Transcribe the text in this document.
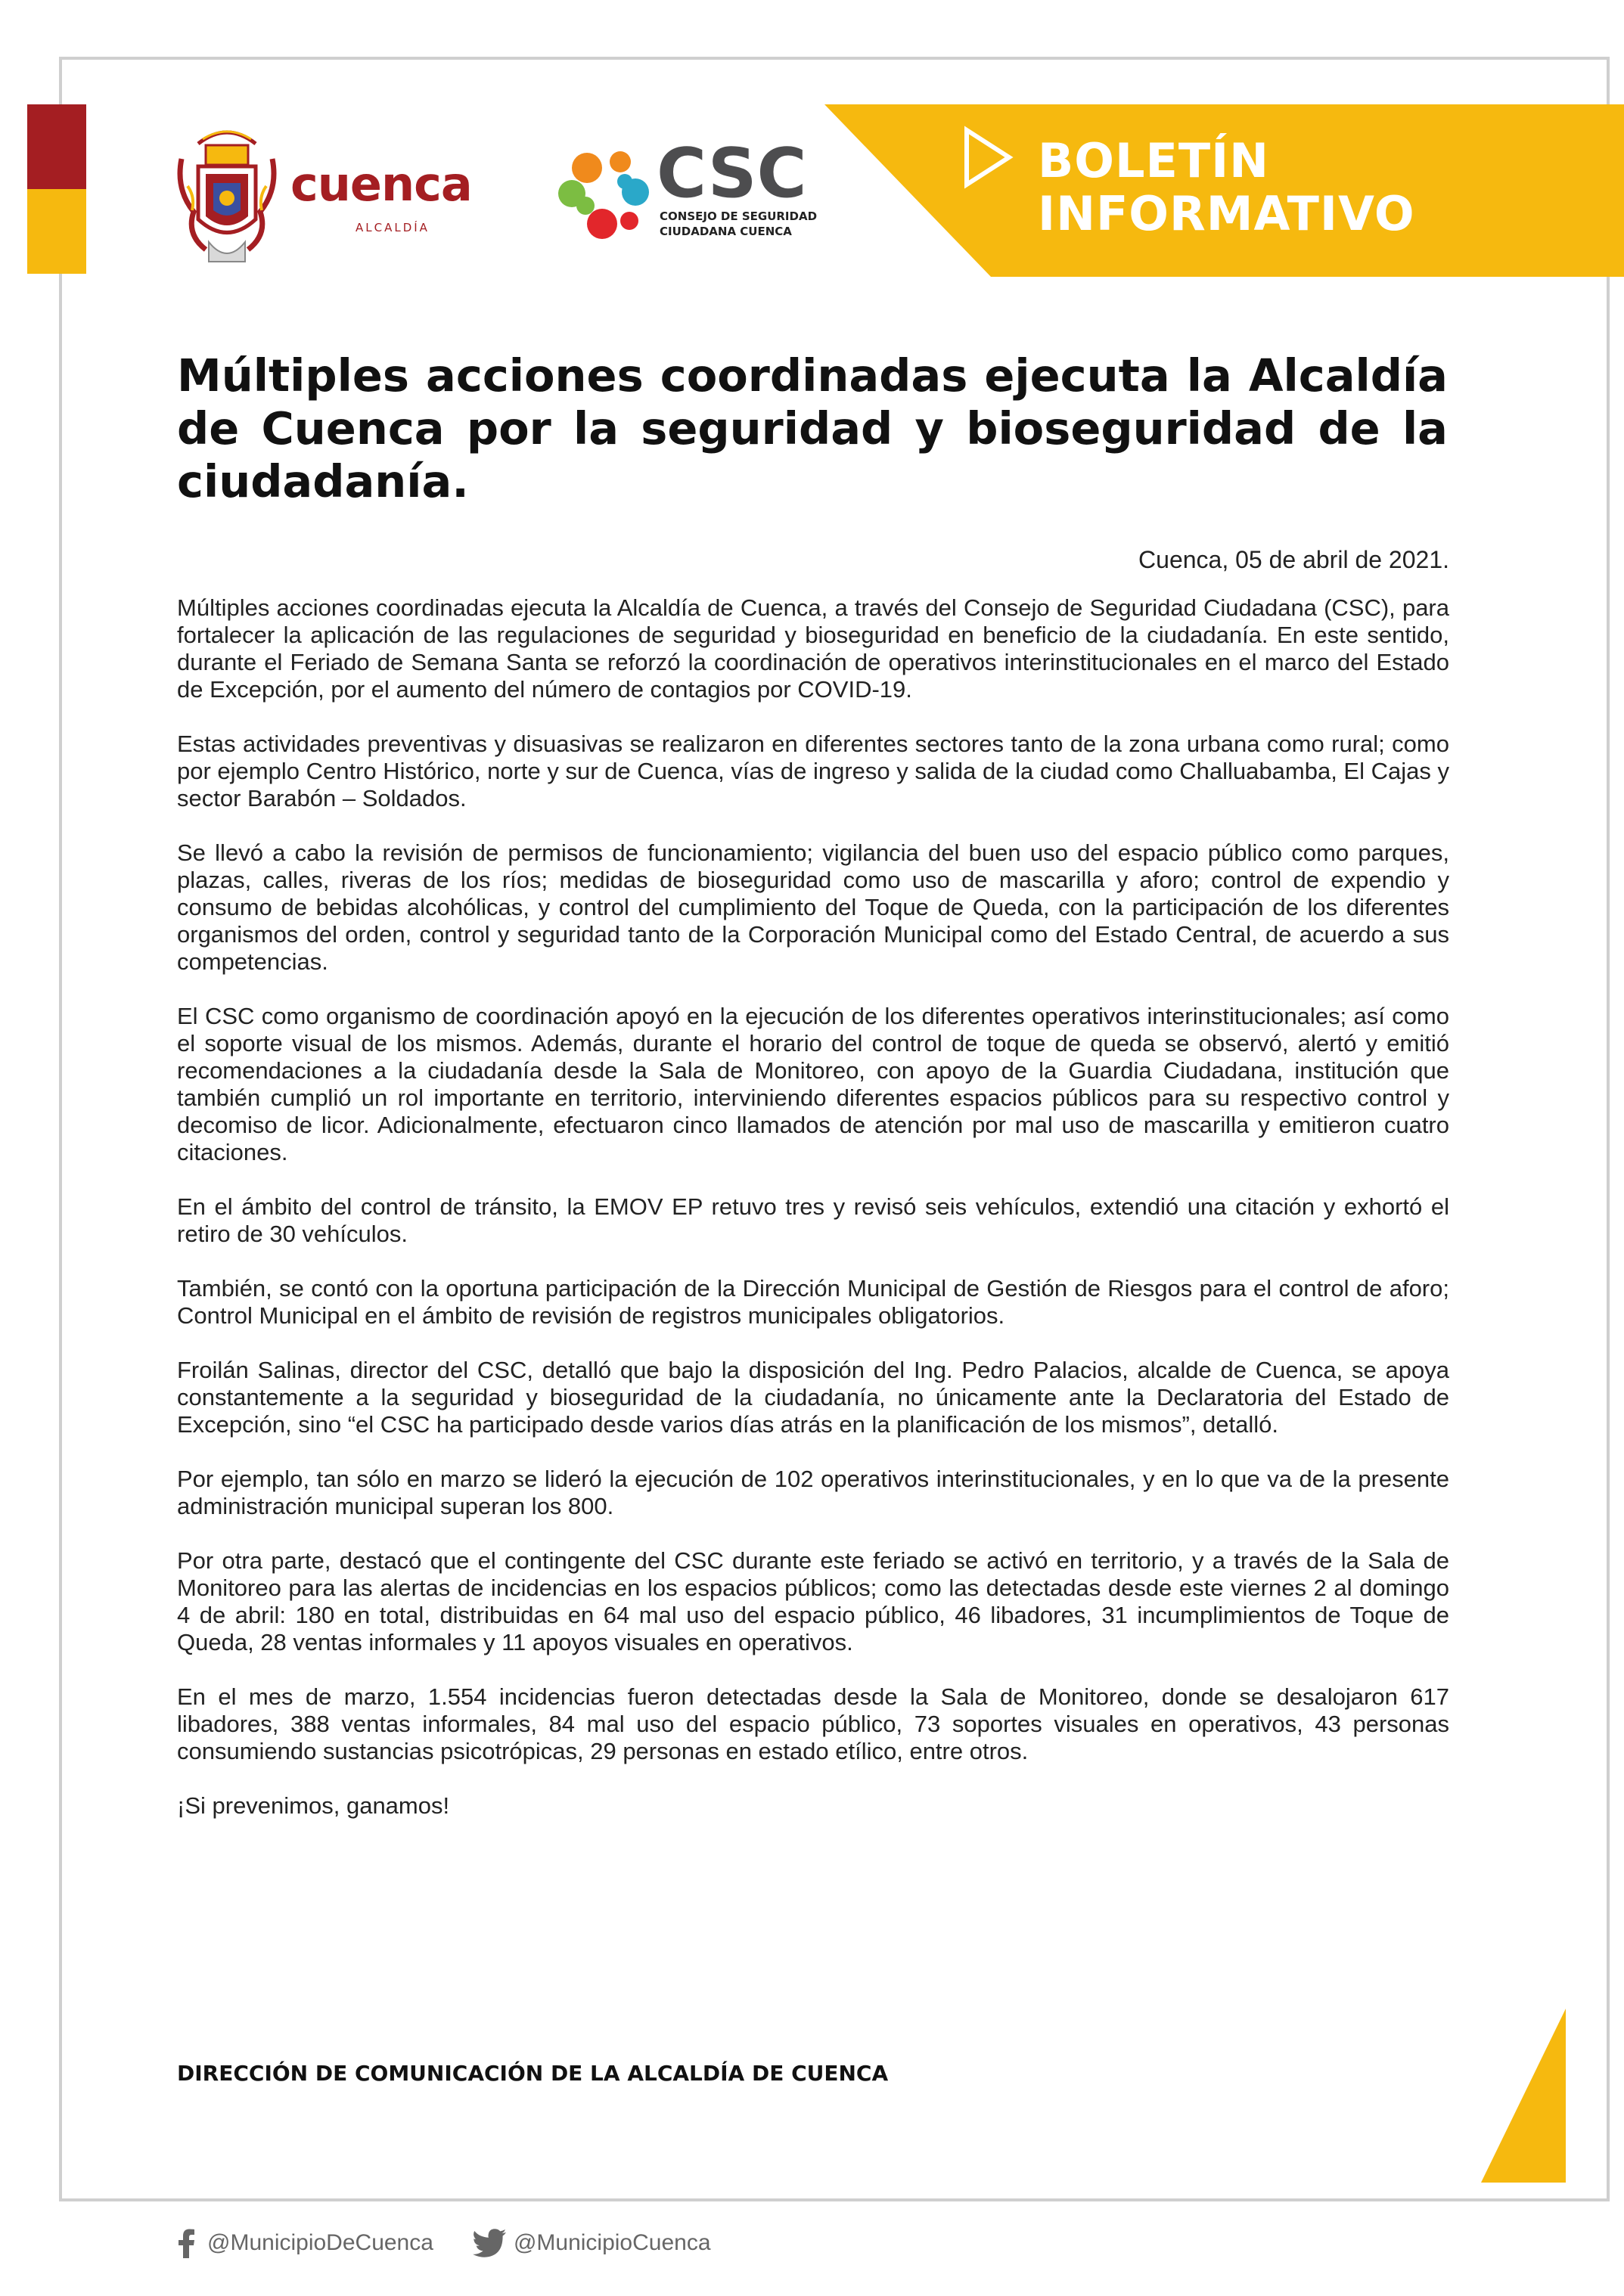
BOLETÍN
INFORMATIVO
cuenca
ALCALDÍA
CSC
CONSEJO DE SEGURIDAD
CIUDADANA CUENCA
Múltiples acciones coordinadas ejecuta la Alcaldía de Cuenca por la seguridad y bioseguridad de la ciudadanía.
Cuenca, 05 de abril de 2021.

Múltiples acciones coordinadas ejecuta la Alcaldía de Cuenca, a través del Consejo de Seguridad Ciudadana (CSC), para fortalecer la aplicación de las regulaciones de seguridad y bioseguridad en beneficio de la ciudadanía. En este sentido, durante el Feriado de Semana Santa se reforzó la coordinación de operativos interinstitucionales en el marco del Estado de Excepción, por el aumento del número de contagios por COVID-19.

Estas actividades preventivas y disuasivas se realizaron en diferentes sectores tanto de la zona urbana como rural; como por ejemplo Centro Histórico, norte y sur de Cuenca, vías de ingreso y salida de la ciudad como Challuabamba, El Cajas y sector Barabón – Soldados.

Se llevó a cabo la revisión de permisos de funcionamiento; vigilancia del buen uso del espacio público como parques, plazas, calles, riveras de los ríos; medidas de bioseguridad como uso de mascarilla y aforo; control de expendio y consumo de bebidas alcohólicas, y control del cumplimiento del Toque de Queda, con la participación de los diferentes organismos del orden, control y seguridad tanto de la Corporación Municipal como del Estado Central, de acuerdo a sus competencias.

El CSC como organismo de coordinación apoyó en la ejecución de los diferentes operativos interinstitucionales; así como el soporte visual de los mismos. Además, durante el horario del control de toque de queda se observó, alertó y emitió recomendaciones a la ciudadanía desde la Sala de Monitoreo, con apoyo de la Guardia Ciudadana, institución que también cumplió un rol importante en territorio, interviniendo diferentes espacios públicos para su respectivo control y decomiso de licor. Adicionalmente, efectuaron cinco llamados de atención por mal uso de mascarilla y emitieron cuatro citaciones.

En el ámbito del control de tránsito, la EMOV EP retuvo tres y revisó seis vehículos, extendió una citación y exhortó el retiro de 30 vehículos.

También, se contó con la oportuna participación de la Dirección Municipal de Gestión de Riesgos para el control de aforo; Control Municipal en el ámbito de revisión de registros municipales obligatorios.

Froilán Salinas, director del CSC, detalló que bajo la disposición del Ing. Pedro Palacios, alcalde de Cuenca, se apoya constantemente a la seguridad y bioseguridad de la ciudadanía, no únicamente ante la Declaratoria del Estado de Excepción, sino “el CSC ha participado desde varios días atrás en la planificación de los mismos”, detalló.

Por ejemplo, tan sólo en marzo se lideró la ejecución de 102 operativos interinstitucionales, y en lo que va de la presente administración municipal superan los 800.

Por otra parte, destacó que el contingente del CSC durante este feriado se activó en territorio, y a través de la Sala de Monitoreo para las alertas de incidencias en los espacios públicos; como las detectadas desde este viernes 2 al domingo 4 de abril: 180 en total, distribuidas en 64 mal uso del espacio público, 46 libadores, 31 incumplimientos de Toque de Queda, 28 ventas informales y 11 apoyos visuales en operativos.

En el mes de marzo, 1.554 incidencias fueron detectadas desde la Sala de Monitoreo, donde se desalojaron 617 libadores, 388 ventas informales, 84 mal uso del espacio público, 73 soportes visuales en operativos, 43 personas consumiendo sustancias psicotrópicas, 29 personas en estado etílico, entre otros.

¡Si prevenimos, ganamos!

DIRECCIÓN DE COMUNICACIÓN DE LA ALCALDÍA DE CUENCA
@MunicipioDeCuenca	@MunicipioCuenca
